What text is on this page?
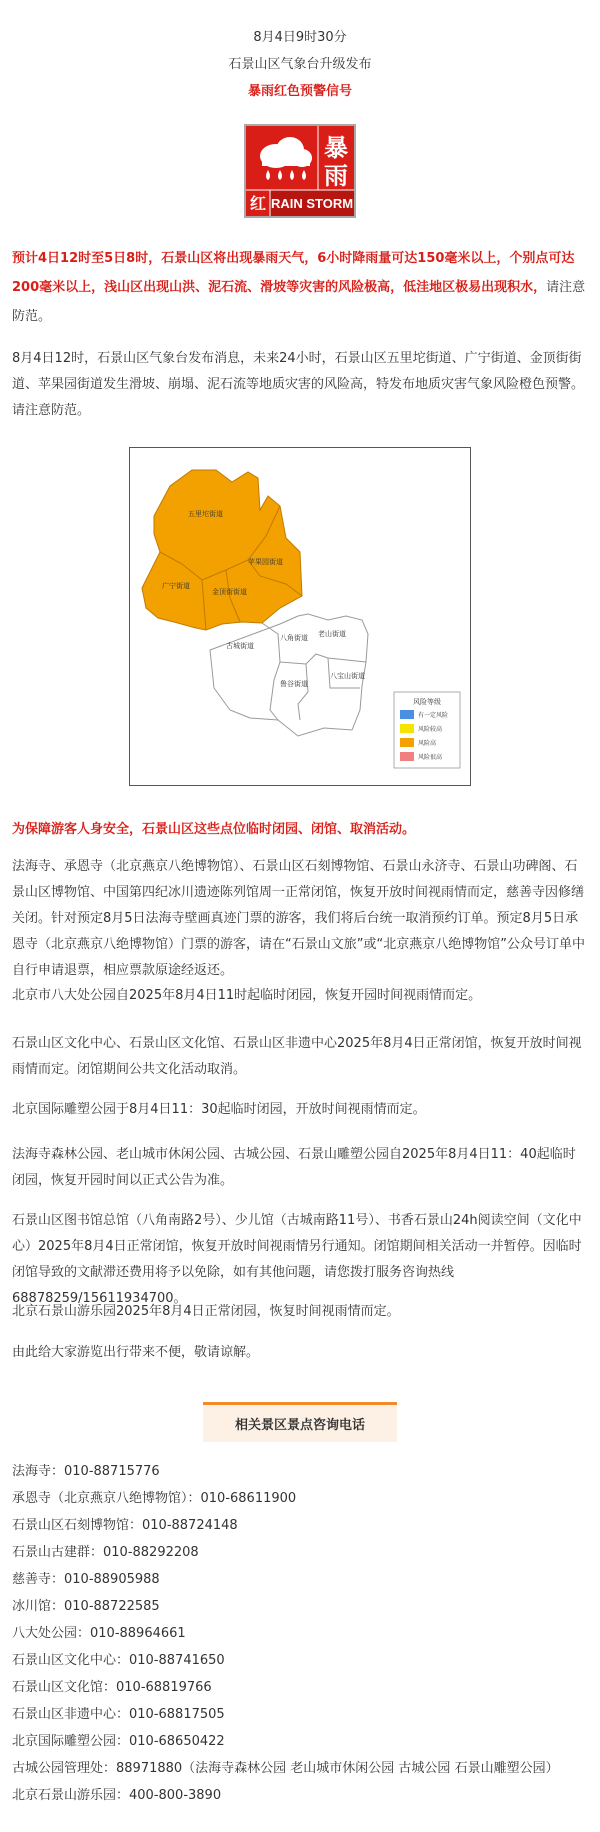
8月4日9时30分
石景山区气象台升级发布
暴雨红色预警信号
暴
雨
红 RAIN STORM
预计4日12时至5日8时，石景山区将出现暴雨天气，6小时降雨量可达150毫米以上，个别点可达200毫米以上，浅山区出现山洪、泥石流、滑坡等灾害的风险极高，低洼地区极易出现积水，请注意防范。
8月4日12时，石景山区气象台发布消息，未来24小时，石景山区五里坨街道、广宁街道、金顶街街道、苹果园街道发生滑坡、崩塌、泥石流等地质灾害的风险高，特发布地质灾害气象风险橙色预警。请注意防范。
五里坨街道
苹果园街道
广宁街道
金顶街街道
古城街道
八角街道 老山街道
八宝山街道
鲁谷街道
风险等级
有一定风险
风险较高
风险高
风险很高
为保障游客人身安全，石景山区这些点位临时闭园、闭馆、取消活动。
法海寺、承恩寺（北京燕京八绝博物馆）、石景山区石刻博物馆、石景山永济寺、石景山功碑阁、石景山区博物馆、中国第四纪冰川遗迹陈列馆周一正常闭馆，恢复开放时间视雨情而定，慈善寺因修缮关闭。针对预定8月5日法海寺壁画真迹门票的游客，我们将后台统一取消预约订单。预定8月5日承恩寺（北京燕京八绝博物馆）门票的游客，请在“石景山文旅”或“北京燕京八绝博物馆”公众号订单中自行申请退票，相应票款原途经返还。
北京市八大处公园自2025年8月4日11时起临时闭园，恢复开园时间视雨情而定。
石景山区文化中心、石景山区文化馆、石景山区非遗中心2025年8月4日正常闭馆，恢复开放时间视雨情而定。闭馆期间公共文化活动取消。
北京国际雕塑公园于8月4日11：30起临时闭园，开放时间视雨情而定。
法海寺森林公园、老山城市休闲公园、古城公园、石景山雕塑公园自2025年8月4日11：40起临时闭园，恢复开园时间以正式公告为准。
石景山区图书馆总馆（八角南路2号）、少儿馆（古城南路11号）、书香石景山24h阅读空间（文化中心）2025年8月4日正常闭馆，恢复开放时间视雨情另行通知。闭馆期间相关活动一并暂停。因临时闭馆导致的文献滞还费用将予以免除，如有其他问题，请您拨打服务咨询热线68878259/15611934700。
北京石景山游乐园2025年8月4日正常闭园，恢复时间视雨情而定。
由此给大家游览出行带来不便，敬请谅解。
相关景区景点咨询电话
法海寺：010-88715776
承恩寺（北京燕京八绝博物馆）：010-68611900
石景山区石刻博物馆：010-88724148
石景山古建群：010-88292208
慈善寺：010-88905988
冰川馆：010-88722585
八大处公园：010-88964661
石景山区文化中心：010-88741650
石景山区文化馆：010-68819766
石景山区非遗中心：010-68817505
北京国际雕塑公园：010-68650422
古城公园管理处：88971880（法海寺森林公园 老山城市休闲公园 古城公园 石景山雕塑公园）
北京石景山游乐园：400-800-3890
